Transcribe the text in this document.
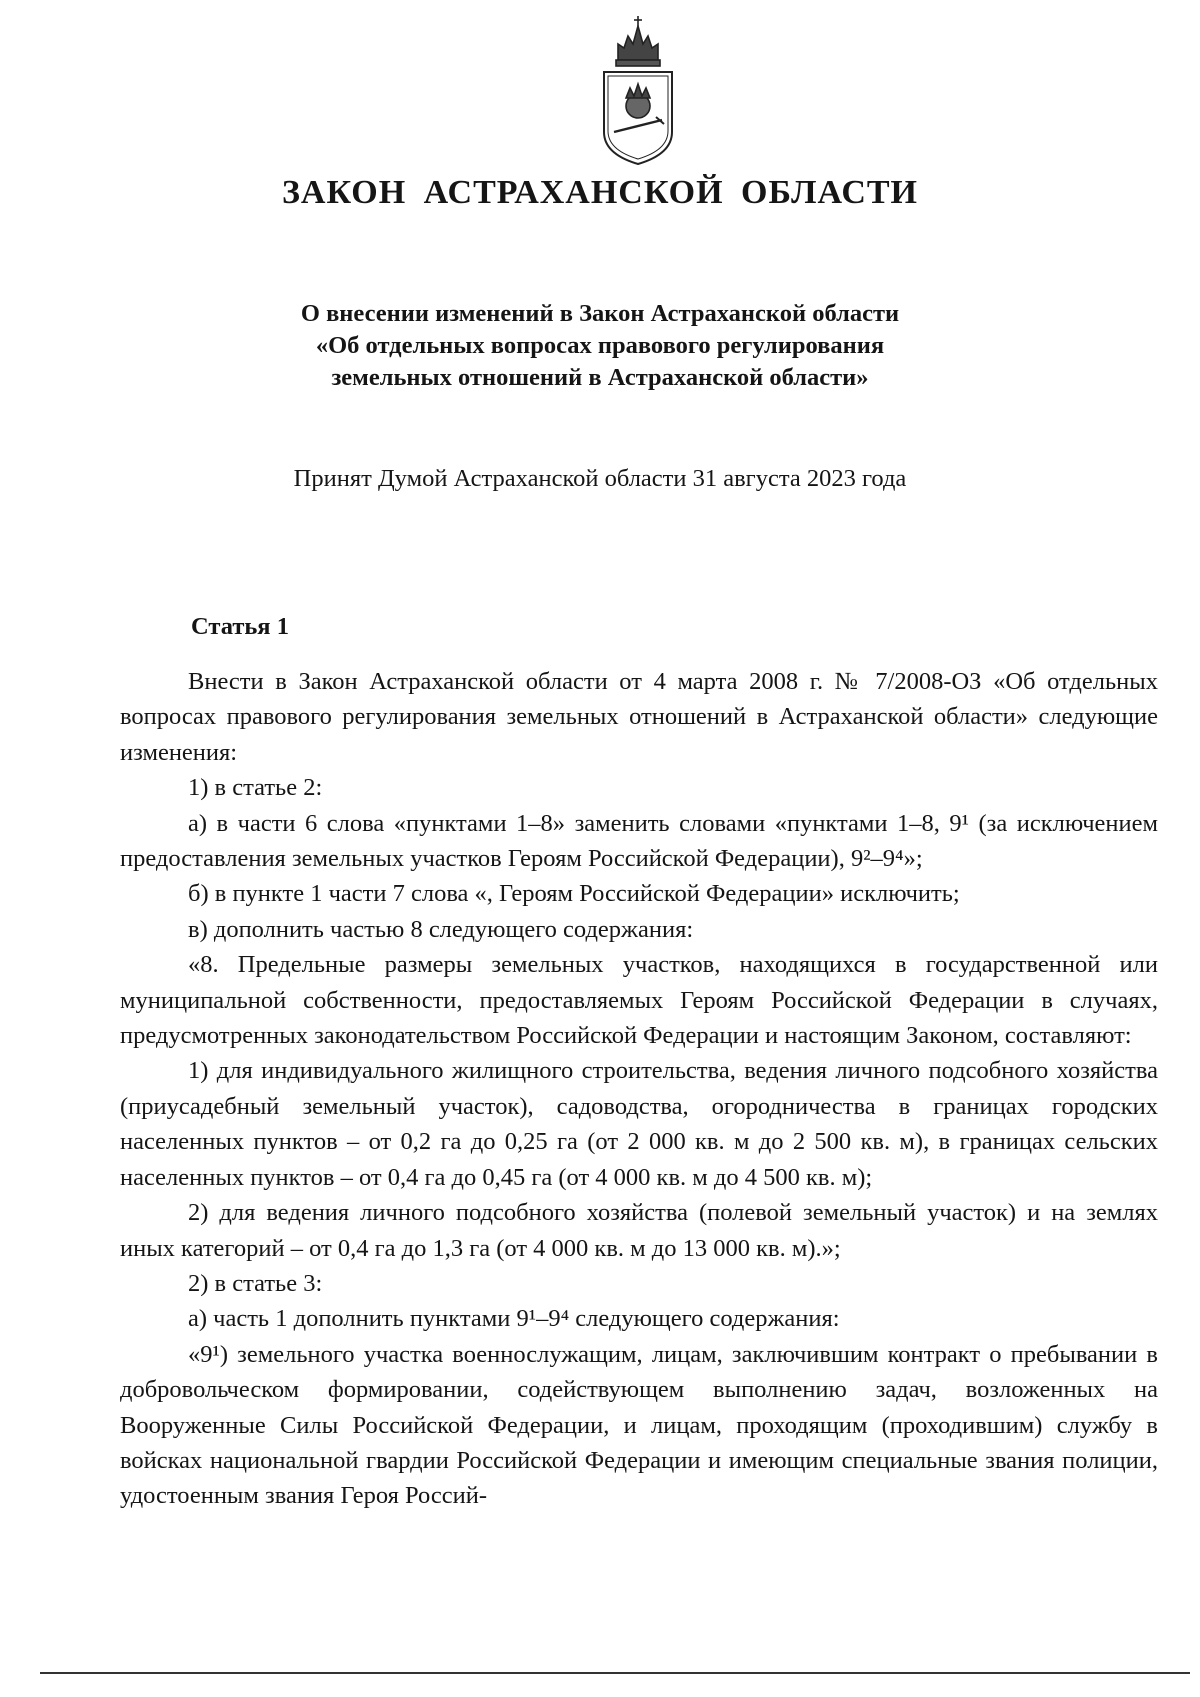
ЗАКОН АСТРАХАНСКОЙ ОБЛАСТИ
О внесении изменений в Закон Астраханской области
«Об отдельных вопросах правового регулирования
земельных отношений в Астраханской области»
Принят Думой Астраханской области 31 августа 2023 года
Статья 1

Внести в Закон Астраханской области от 4 марта 2008 г. № 7/2008-ОЗ «Об отдельных вопросах правового регулирования земельных отношений в Астраханской области» следующие изменения:

1) в статье 2:

а) в части 6 слова «пунктами 1–8» заменить словами «пунктами 1–8, 9¹ (за исключением предоставления земельных участков Героям Российской Федерации), 9²–9⁴»;

б) в пункте 1 части 7 слова «, Героям Российской Федерации» исключить;

в) дополнить частью 8 следующего содержания:

«8. Предельные размеры земельных участков, находящихся в государственной или муниципальной собственности, предоставляемых Героям Российской Федерации в случаях, предусмотренных законодательством Российской Федерации и настоящим Законом, составляют:

1) для индивидуального жилищного строительства, ведения личного подсобного хозяйства (приусадебный земельный участок), садоводства, огородничества в границах городских населенных пунктов – от 0,2 га до 0,25 га (от 2 000 кв. м до 2 500 кв. м), в границах сельских населенных пунктов – от 0,4 га до 0,45 га (от 4 000 кв. м до 4 500 кв. м);

2) для ведения личного подсобного хозяйства (полевой земельный участок) и на землях иных категорий – от 0,4 га до 1,3 га (от 4 000 кв. м до 13 000 кв. м).»;

2) в статье 3:

а) часть 1 дополнить пунктами 9¹–9⁴ следующего содержания:

«9¹) земельного участка военнослужащим, лицам, заключившим контракт о пребывании в добровольческом формировании, содействующем выполнению задач, возложенных на Вооруженные Силы Российской Федерации, и лицам, проходящим (проходившим) службу в войсках национальной гвардии Российской Федерации и имеющим специальные звания полиции, удостоенным звания Героя Россий-
